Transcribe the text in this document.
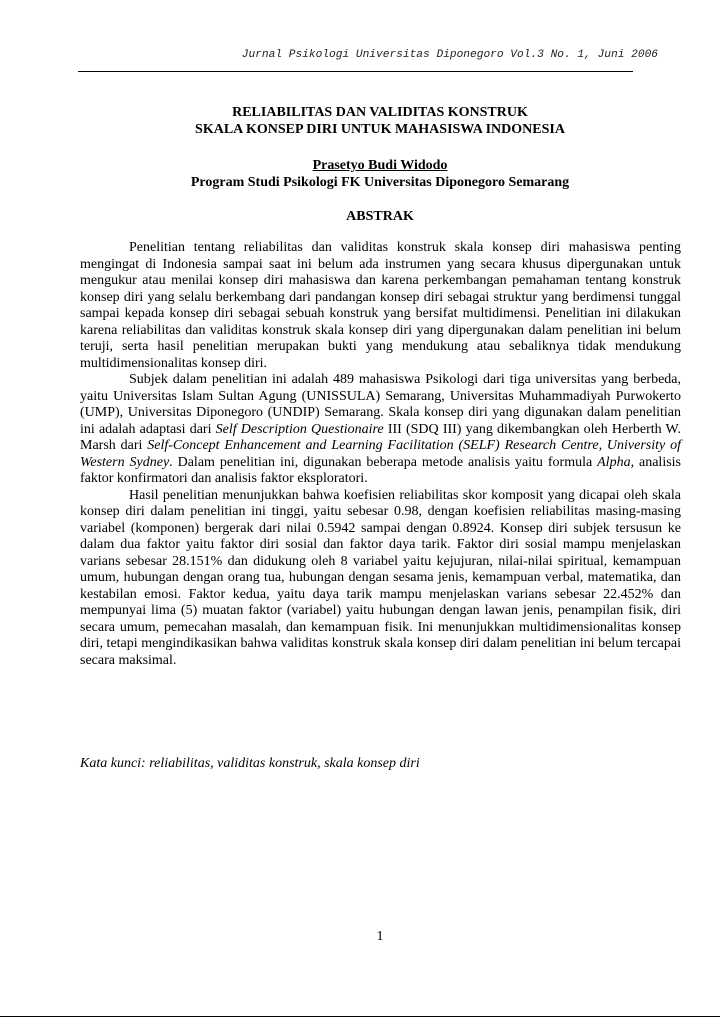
Jurnal Psikologi Universitas Diponegoro Vol.3 No. 1, Juni 2006
RELIABILITAS DAN VALIDITAS KONSTRUK
SKALA KONSEP DIRI UNTUK MAHASISWA INDONESIA
Prasetyo Budi Widodo
Program Studi Psikologi FK Universitas Diponegoro Semarang
ABSTRAK

Penelitian tentang reliabilitas dan validitas konstruk skala konsep diri mahasiswa penting mengingat di Indonesia sampai saat ini belum ada instrumen yang secara khusus dipergunakan untuk mengukur atau menilai konsep diri mahasiswa dan karena perkembangan pemahaman tentang konstruk konsep diri yang selalu berkembang dari pandangan konsep diri sebagai struktur yang berdimensi tunggal sampai kepada konsep diri sebagai sebuah konstruk yang bersifat multidimensi. Penelitian ini dilakukan karena reliabilitas dan validitas konstruk skala konsep diri yang dipergunakan dalam penelitian ini belum teruji, serta hasil penelitian merupakan bukti yang mendukung atau sebaliknya tidak mendukung multidimensionalitas konsep diri.

Subjek dalam penelitian ini adalah 489 mahasiswa Psikologi dari tiga universitas yang berbeda, yaitu Universitas Islam Sultan Agung (UNISSULA) Semarang, Universitas Muhammadiyah Purwokerto (UMP), Universitas Diponegoro (UNDIP) Semarang. Skala konsep diri yang digunakan dalam penelitian ini adalah adaptasi dari Self Description Questionaire III (SDQ III) yang dikembangkan oleh Herberth W. Marsh dari Self-Concept Enhancement and Learning Facilitation (SELF) Research Centre, University of Western Sydney. Dalam penelitian ini, digunakan beberapa metode analisis yaitu formula Alpha, analisis faktor konfirmatori dan analisis faktor eksploratori.

Hasil penelitian menunjukkan bahwa koefisien reliabilitas skor komposit yang dicapai oleh skala konsep diri dalam penelitian ini tinggi, yaitu sebesar 0.98, dengan koefisien reliabilitas masing-masing variabel (komponen) bergerak dari nilai 0.5942 sampai dengan 0.8924. Konsep diri subjek tersusun ke dalam dua faktor yaitu faktor diri sosial dan faktor daya tarik. Faktor diri sosial mampu menjelaskan varians sebesar 28.151% dan didukung oleh 8 variabel yaitu kejujuran, nilai-nilai spiritual, kemampuan umum, hubungan dengan orang tua, hubungan dengan sesama jenis, kemampuan verbal, matematika, dan kestabilan emosi. Faktor kedua, yaitu daya tarik mampu menjelaskan varians sebesar 22.452% dan mempunyai lima (5) muatan faktor (variabel) yaitu hubungan dengan lawan jenis, penampilan fisik, diri secara umum, pemecahan masalah, dan kemampuan fisik. Ini menunjukkan multidimensionalitas konsep diri, tetapi mengindikasikan bahwa validitas konstruk skala konsep diri dalam penelitian ini belum tercapai secara maksimal.

Kata kunci: reliabilitas, validitas konstruk, skala konsep diri
1
